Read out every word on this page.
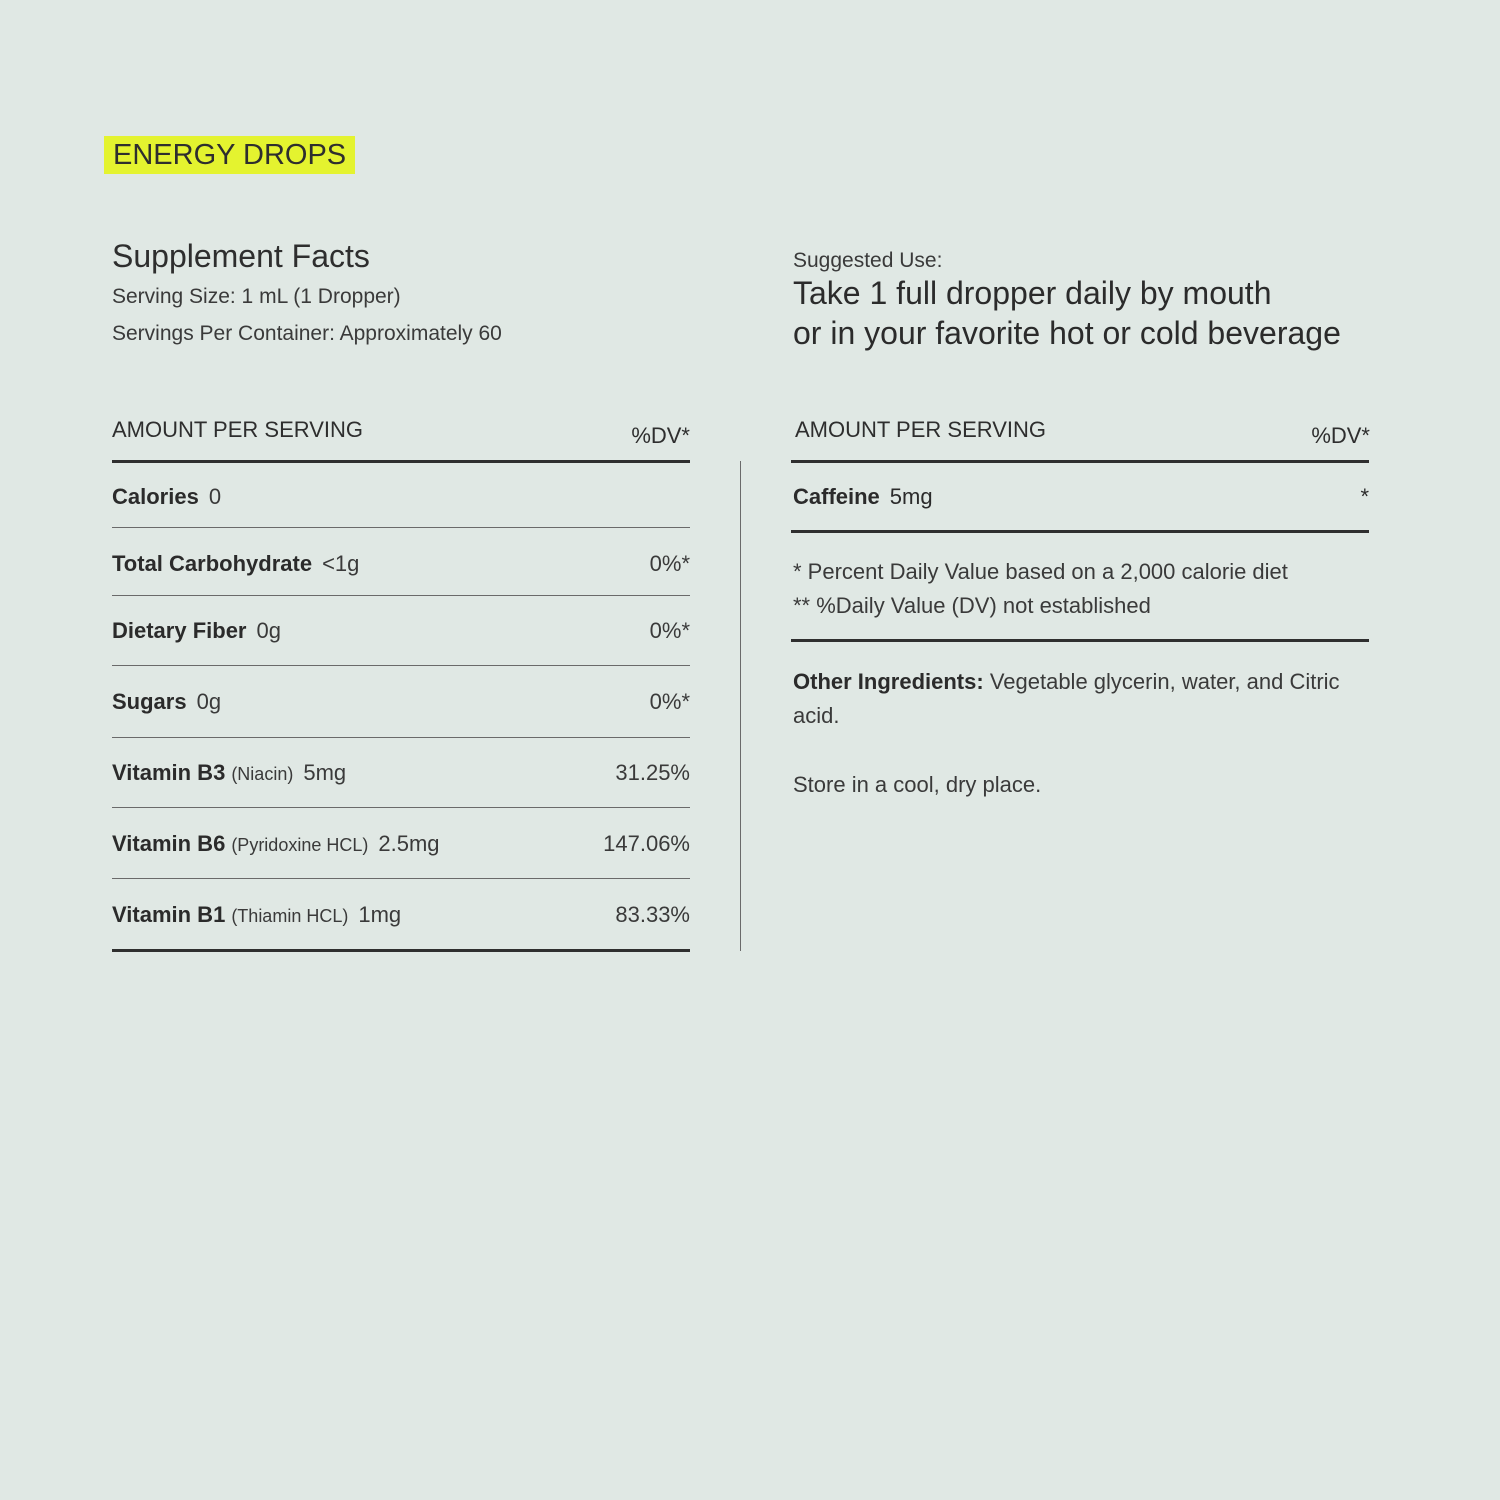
ENERGY DROPS
Supplement Facts
Serving Size: 1 mL (1 Dropper)
Servings Per Container: Approximately 60
Suggested Use:
Take 1 full dropper daily by mouth
or in your favorite hot or cold beverage
AMOUNT PER SERVING	%DV*
Calories 0
Total Carbohydrate <1g	0%*
Dietary Fiber 0g	0%*
Sugars 0g	0%*
Vitamin B3 (Niacin) 5mg	31.25%
Vitamin B6 (Pyridoxine HCL) 2.5mg	147.06%
Vitamin B1 (Thiamin HCL) 1mg	83.33%
AMOUNT PER SERVING	%DV*
Caffeine 5mg	*
* Percent Daily Value based on a 2,000 calorie diet
** %Daily Value (DV) not established
Other Ingredients: Vegetable glycerin, water, and Citric acid.
Store in a cool, dry place.
